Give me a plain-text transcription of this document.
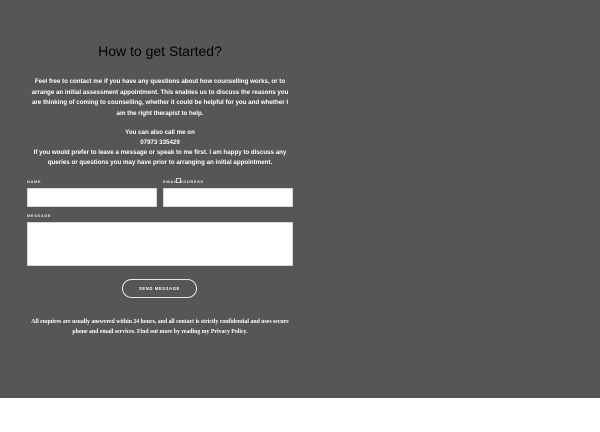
How to get Started?

Feel free to contact me if you have any questions about how counselling works, or to arrange an initial assessment appointment. This enables us to discuss the reasons you are thinking of coming to counselling, whether it could be helpful for you and whether I am the right therapist to help.

You can also call me on
07973 335429
If you would prefer to leave a message or speak to me first. I am happy to discuss any queries or questions you may have prior to arranging an initial appointment.

NAME	EMAIL ADDRESS
MESSAGE
SEND MESSAGE

All enquires are usually answered within 24 hours, and all contact is strictly confidential and uses secure phone and email services. Find out more by reading my Privacy Policy.
